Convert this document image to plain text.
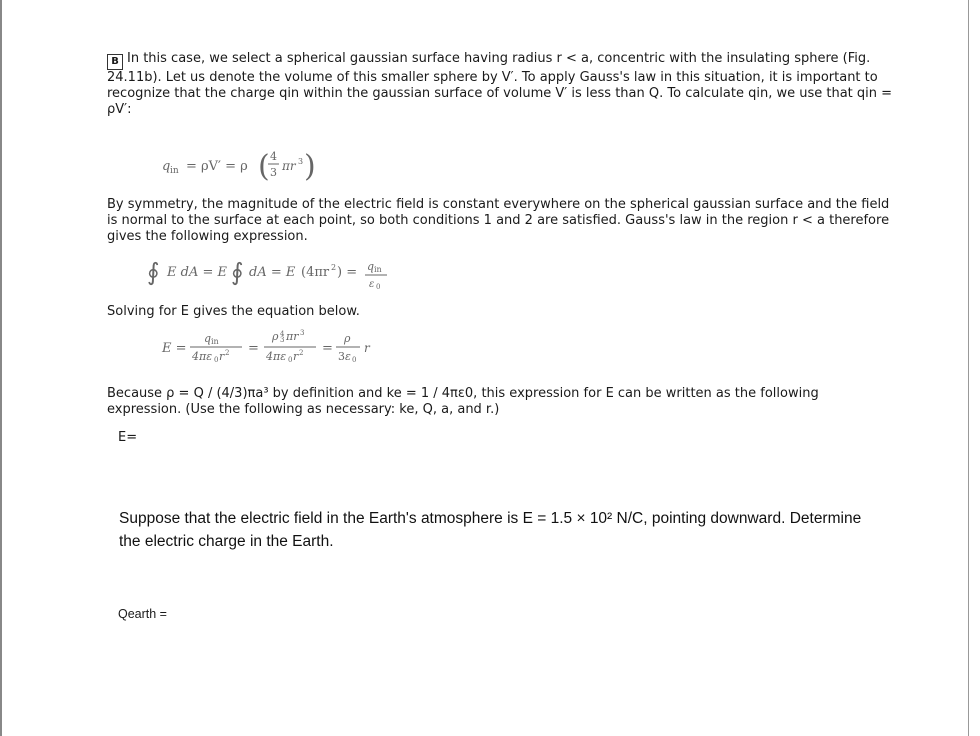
B In this case, we select a spherical gaussian surface having radius r < a, concentric with the insulating sphere (Fig. 24.11b). Let us denote the volume of this smaller sphere by V′. To apply Gauss's law in this situation, it is important to recognize that the charge qin within the gaussian surface of volume V′ is less than Q. To calculate qin, we use that qin = ρV′:
q in = ρV′ = ρ ( 4
3 πr 3 )
By symmetry, the magnitude of the electric field is constant everywhere on the spherical gaussian surface and the field is normal to the surface at each point, so both conditions 1 and 2 are satisfied. Gauss's law in the region r < a therefore gives the following expression.
∮ E dA = E ∮ dA = E (4πr 2 ) = q in
ε 0
Solving for E gives the equation below.
E =
q in
4πε 0 r 2 =
ρ 4
3 πr 3
4πε 0 r 2 =
ρ
3 ε 0
r
Because ρ = Q / (4/3)πa³ by definition and ke = 1 / 4πε0, this expression for E can be written as the following expression. (Use the following as necessary: ke, Q, a, and r.)
E=
Suppose that the electric field in the Earth's atmosphere is E = 1.5 × 10² N/C, pointing downward. Determine the electric charge in the Earth.
Qearth =
